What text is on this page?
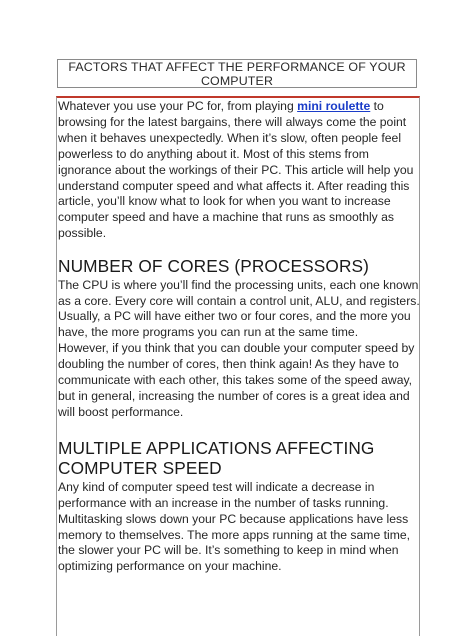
FACTORS THAT AFFECT THE PERFORMANCE OF YOUR COMPUTER

Whatever you use your PC for, from playing mini roulette to browsing for the latest bargains, there will always come the point when it behaves unexpectedly. When it’s slow, often people feel powerless to do anything about it. Most of this stems from ignorance about the workings of their PC. This article will help you understand computer speed and what affects it. After reading this article, you’ll know what to look for when you want to increase computer speed and have a machine that runs as smoothly as possible.

NUMBER OF CORES (PROCESSORS)

The CPU is where you’ll find the processing units, each one known as a core. Every core will contain a control unit, ALU, and registers. Usually, a PC will have either two or four cores, and the more you have, the more programs you can run at the same time.

However, if you think that you can double your computer speed by doubling the number of cores, then think again! As they have to communicate with each other, this takes some of the speed away, but in general, increasing the number of cores is a great idea and will boost performance.

MULTIPLE APPLICATIONS AFFECTING COMPUTER SPEED

Any kind of computer speed test will indicate a decrease in performance with an increase in the number of tasks running. Multitasking slows down your PC because applications have less memory to themselves. The more apps running at the same time, the slower your PC will be. It’s something to keep in mind when optimizing performance on your machine.
